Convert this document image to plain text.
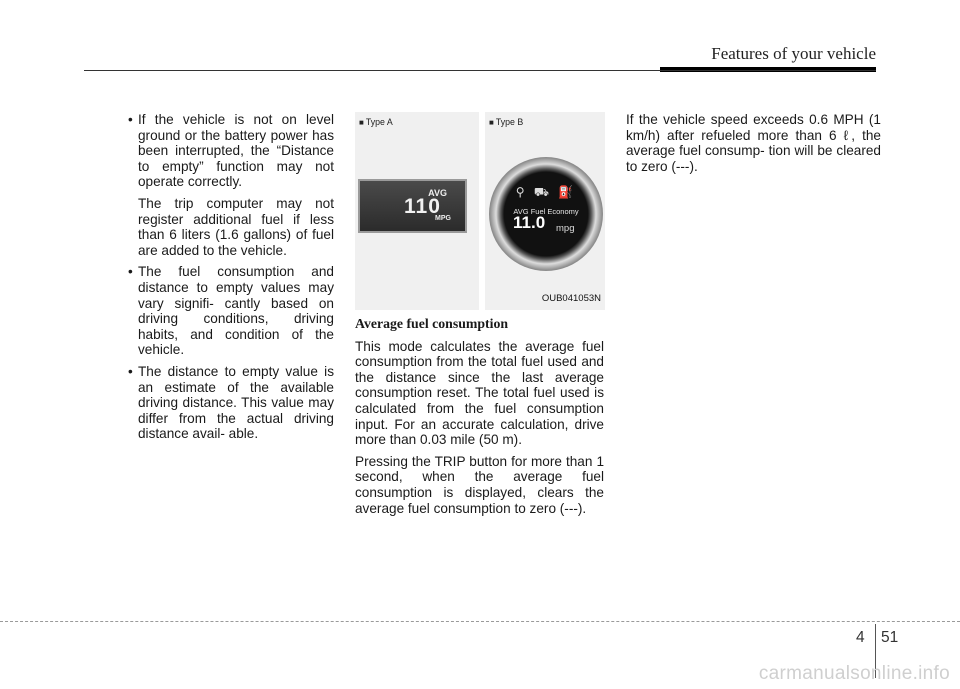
Features of your vehicle
• If the vehicle is not on level ground or the battery power has been interrupted, the “Distance to empty” function may not operate correctly.

The trip computer may not register additional fuel if less than 6 liters (1.6 gallons) of fuel are added to the vehicle.

• The fuel consumption and distance to empty values may vary signifi- cantly based on driving conditions, driving habits, and condition of the vehicle.

• The distance to empty value is an estimate of the available driving distance. This value may differ from the actual driving distance avail- able.

■ Type A	■ Type B
AVG
110
MPG
⚲ ⛟ ⛽
AVG Fuel Economy
11.0 mpg
OUB041053N
Average fuel consumption

This mode calculates the average fuel consumption from the total fuel used and the distance since the last average consumption reset. The total fuel used is calculated from the fuel consumption input. For an accurate calculation, drive more than 0.03 mile (50 m).

Pressing the TRIP button for more than 1 second, when the average fuel consumption is displayed, clears the average fuel consumption to zero (---).

If the vehicle speed exceeds 0.6 MPH (1 km/h) after refueled more than 6 ℓ, the average fuel consump- tion will be cleared to zero (---).

4 51
carmanualsonline.info
